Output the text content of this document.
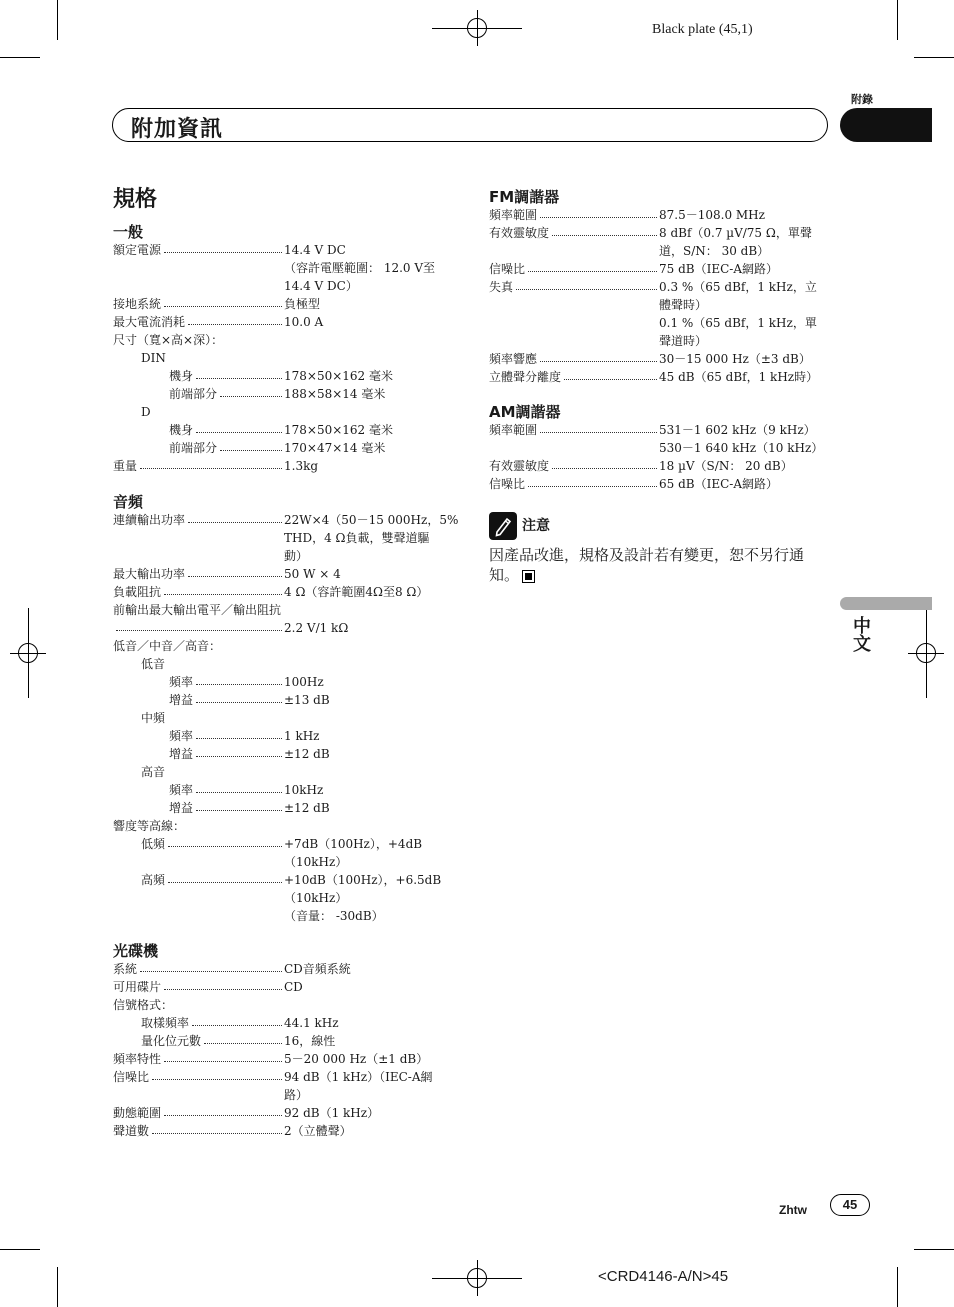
Black plate (45,1)
附錄
附加資訊
中文
規格
注意
因產品改進，規格及設計若有變更，恕不另行通知。
Zhtw	45
<CRD4146-A/N>45
一般
額定電源	14.4 V DC
（容許電壓範圍： 12.0 V至
14.4 V DC）
接地系統	負極型
最大電流消耗	10.0 A
尺寸（寬×高×深）：
DIN
機身	178×50×162 毫米
前端部分	188×58×14 毫米
D
機身	178×50×162 毫米
前端部分	170×47×14 毫米
重量	1.3kg
音頻
連續輸出功率	22W×4（50－15 000Hz，5%
THD，4 Ω負載，雙聲道驅
動）
最大輸出功率	50 W × 4
負載阻抗	4 Ω（容許範圍4Ω至8 Ω）
前輸出最大輸出電平／輸出阻抗
2.2 V/1 kΩ
低音／中音／高音：
低音
頻率	100Hz
增益	±13 dB
中頻
頻率	1 kHz
增益	±12 dB
高音
頻率	10kHz
增益	±12 dB
響度等高線：
低頻	+7dB（100Hz），+4dB
（10kHz）
高頻	+10dB（100Hz），+6.5dB
（10kHz）
（音量： -30dB）
光碟機
系統	CD音頻系統
可用碟片	CD
信號格式：
取樣頻率	44.1 kHz
量化位元數	16，線性
頻率特性	5－20 000 Hz（±1 dB）
信噪比	94 dB（1 kHz）（IEC-A網
路）
動態範圍	92 dB（1 kHz）
聲道數	2（立體聲）
FM調諧器
頻率範圍	87.5－108.0 MHz
有效靈敏度	8 dBf（0.7 µV/75 Ω，單聲
道，S/N： 30 dB）
信噪比	75 dB（IEC-A網路）
失真	0.3 %（65 dBf，1 kHz，立
體聲時）
0.1 %（65 dBf，1 kHz，單
聲道時）
頻率響應	30－15 000 Hz（±3 dB）
立體聲分離度	45 dB（65 dBf，1 kHz時）
AM調諧器
頻率範圍	531－1 602 kHz（9 kHz）
530－1 640 kHz（10 kHz）
有效靈敏度	18 µV（S/N： 20 dB）
信噪比	65 dB（IEC-A網路）
